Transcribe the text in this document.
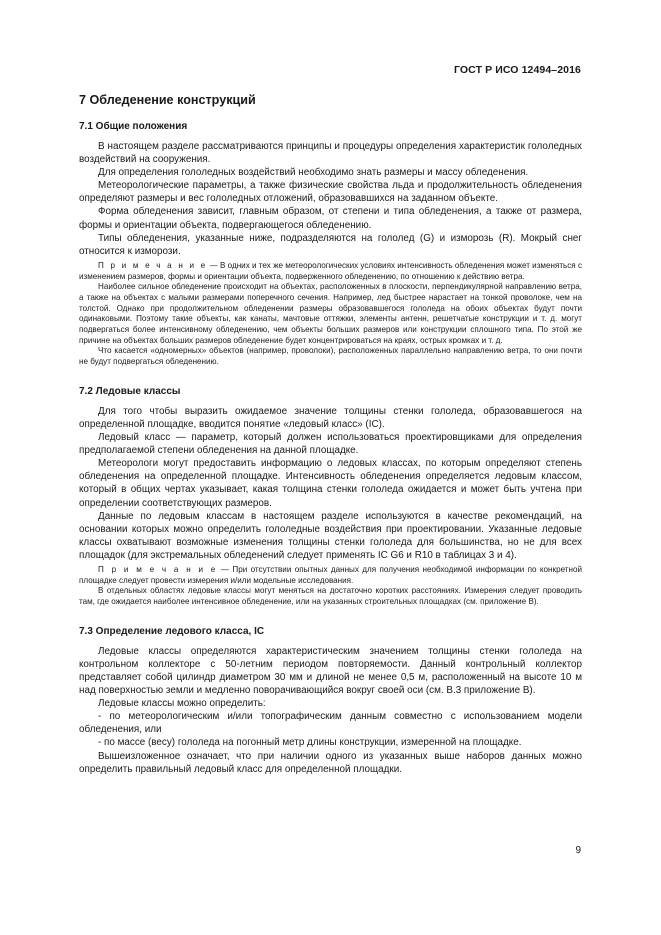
ГОСТ Р ИСО 12494–2016
7 Обледенение конструкций
7.1 Общие положения

В настоящем разделе рассматриваются принципы и процедуры определения характеристик гололедных воздействий на сооружения.

Для определения гололедных воздействий необходимо знать размеры и массу обледенения.

Метеорологические параметры, а также физические свойства льда и продолжительность обледенения определяют размеры и вес гололедных отложений, образовавшихся на заданном объекте.

Форма обледенения зависит, главным образом, от степени и типа обледенения, а также от размера, формы и ориентации объекта, подвергающегося обледенению.

Типы обледенения, указанные ниже, подразделяются на гололед (G) и изморозь (R). Мокрый снег относится к изморози.

П р и м е ч а н и е — В одних и тех же метеорологических условиях интенсивность обледенения может изменяться с изменением размеров, формы и ориентации объекта, подверженного обледенению, по отношению к действию ветра.

Наиболее сильное обледенение происходит на объектах, расположенных в плоскости, перпендикулярной направлению ветра, а также на объектах с малыми размерами поперечного сечения. Например, лед быстрее нарастает на тонкой проволоке, чем на толстой. Однако при продолжительном обледенении размеры образовавшегося гололеда на обоих объектах будут почти одинаковыми. Поэтому такие объекты, как канаты, мачтовые оттяжки, элементы антенн, решетчатые конструкции и т. д. могут подвергаться более интенсивному обледенению, чем объекты больших размеров или конструкции сплошного типа. По этой же причине на объектах больших размеров обледенение будет концентрироваться на краях, острых кромках и т. д.

Что касается «одномерных» объектов (например, проволоки), расположенных параллельно направлению ветра, то они почти не будут подвергаться обледенению.

7.2 Ледовые классы

Для того чтобы выразить ожидаемое значение толщины стенки гололеда, образовавшегося на определенной площадке, вводится понятие «ледовый класс» (IC).

Ледовый класс — параметр, который должен использоваться проектировщиками для определения предполагаемой степени обледенения на данной площадке.

Метеорологи могут предоставить информацию о ледовых классах, по которым определяют степень обледенения на определенной площадке. Интенсивность обледенения определяется ледовым классом, который в общих чертах указывает, какая толщина стенки гололеда ожидается и может быть учтена при определении соответствующих размеров.

Данные по ледовым классам в настоящем разделе используются в качестве рекомендаций, на основании которых можно определить гололедные воздействия при проектировании. Указанные ледовые классы охватывают возможные изменения толщины стенки гололеда для большинства, но не для всех площадок (для экстремальных обледенений следует применять IC G6 и R10 в таблицах 3 и 4).

П р и м е ч а н и е — При отсутствии опытных данных для получения необходимой информации по конкретной площадке следует провести измерения и/или модельные исследования.

В отдельных областях ледовые классы могут меняться на достаточно коротких расстояниях. Измерения следует проводить там, где ожидается наиболее интенсивное обледенение, или на указанных строительных площадках (см. приложение В).

7.3 Определение ледового класса, IC

Ледовые классы определяются характеристическим значением толщины стенки гололеда на контрольном коллекторе с 50-летним периодом повторяемости. Данный контрольный коллектор представляет собой цилиндр диаметром 30 мм и длиной не менее 0,5 м, расположенный на высоте 10 м над поверхностью земли и медленно поворачивающийся вокруг своей оси (см. В.3 приложение В).

Ледовые классы можно определить:

- по метеорологическим и/или топографическим данным совместно с использованием модели обледенения, или

- по массе (весу) гололеда на погонный метр длины конструкции, измеренной на площадке.

Вышеизложенное означает, что при наличии одного из указанных выше наборов данных можно определить правильный ледовый класс для определенной площадки.

9
